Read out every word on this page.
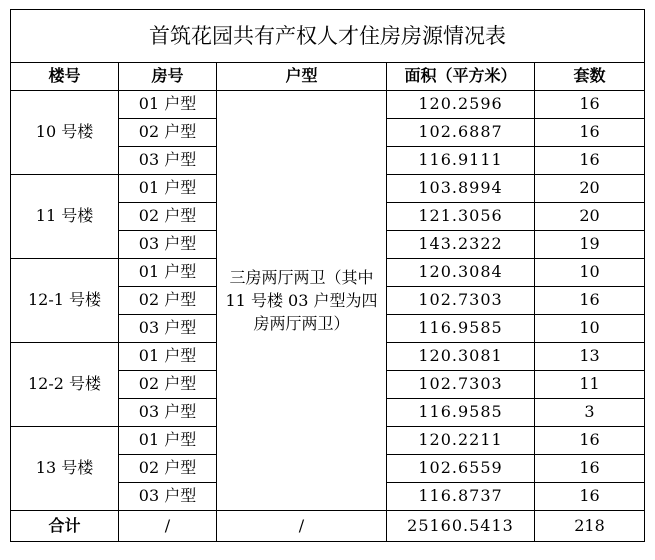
首筑花园共有产权人才住房房源情况表				
楼号	房号	户型	面积（平方米）	套数
10 号楼	01 户型	三房两厅两卫（其中 11 号楼 03 户型为四房两厅两卫）	120.2596	16
	02 户型		102.6887	16
	03 户型		116.9111	16
11 号楼	01 户型		103.8994	20
	02 户型		121.3056	20
	03 户型		143.2322	19
12-1 号楼	01 户型		120.3084	10
	02 户型		102.7303	16
	03 户型		116.9585	10
12-2 号楼	01 户型		120.3081	13
	02 户型		102.7303	11
	03 户型		116.9585	3
13 号楼	01 户型		120.2211	16
	02 户型		102.6559	16
	03 户型		116.8737	16
合计	/	/	25160.5413	218
